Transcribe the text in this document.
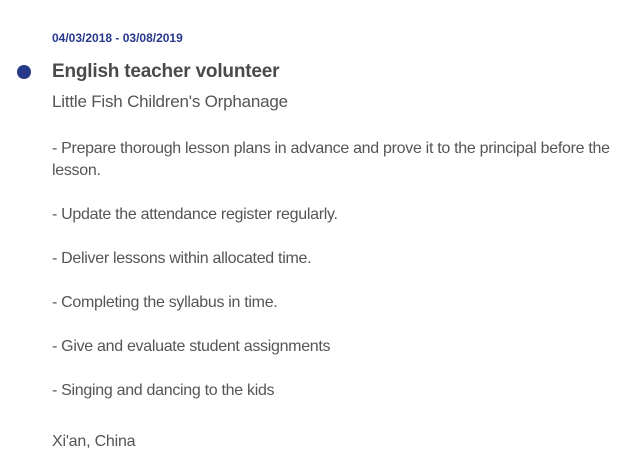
04/03/2018 - 03/08/2019
English teacher volunteer
Little Fish Children's Orphanage
- Prepare thorough lesson plans in advance and prove it to the principal before the lesson.
- Update the attendance register regularly.
- Deliver lessons within allocated time.
- Completing the syllabus in time.
- Give and evaluate student assignments
- Singing and dancing to the kids
Xi'an, China
